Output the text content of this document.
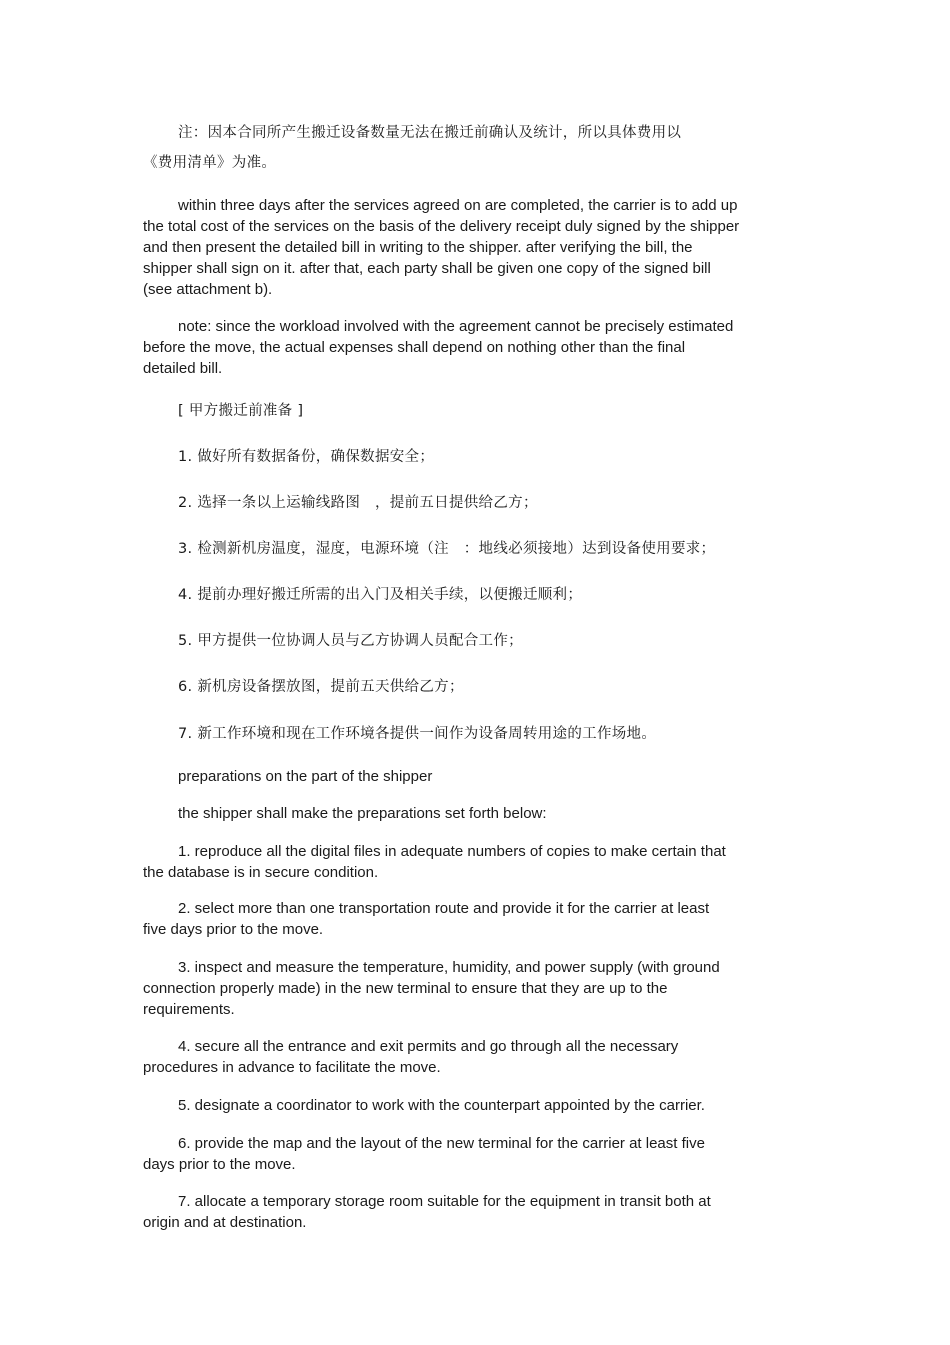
注：因本合同所产生搬迁设备数量无法在搬迁前确认及统计，所以具体费用以

《费用清单》为准。

within three days after the services agreed on are completed, the carrier is to add up the total cost of the services on the basis of the delivery receipt duly signed by the shipper and then present the detailed bill in writing to the shipper. after verifying the bill, the shipper shall sign on it. after that, each party shall be given one copy of the signed bill (see attachment b).

note: since the workload involved with the agreement cannot be precisely estimated before the move, the actual expenses shall depend on nothing other than the final detailed bill.

[ 甲方搬迁前准备 ]

1. 做好所有数据备份，确保数据安全；

2. 选择一条以上运输线路图　，提前五日提供给乙方；

3. 检测新机房温度，湿度，电源环境（注　：地线必须接地）达到设备使用要求；

4. 提前办理好搬迁所需的出入门及相关手续，以便搬迁顺利；

5. 甲方提供一位协调人员与乙方协调人员配合工作；

6. 新机房设备摆放图，提前五天供给乙方；

7. 新工作环境和现在工作环境各提供一间作为设备周转用途的工作场地。

preparations on the part of the shipper

the shipper shall make the preparations set forth below:

1. reproduce all the digital files in adequate numbers of copies to make certain that the database is in secure condition.

2. select more than one transportation route and provide it for the carrier at least five days prior to the move.

3. inspect and measure the temperature, humidity, and power supply (with ground connection properly made) in the new terminal to ensure that they are up to the requirements.

4. secure all the entrance and exit permits and go through all the necessary procedures in advance to facilitate the move.

5. designate a coordinator to work with the counterpart appointed by the carrier.

6. provide the map and the layout of the new terminal for the carrier at least five days prior to the move.

7. allocate a temporary storage room suitable for the equipment in transit both at origin and at destination.
